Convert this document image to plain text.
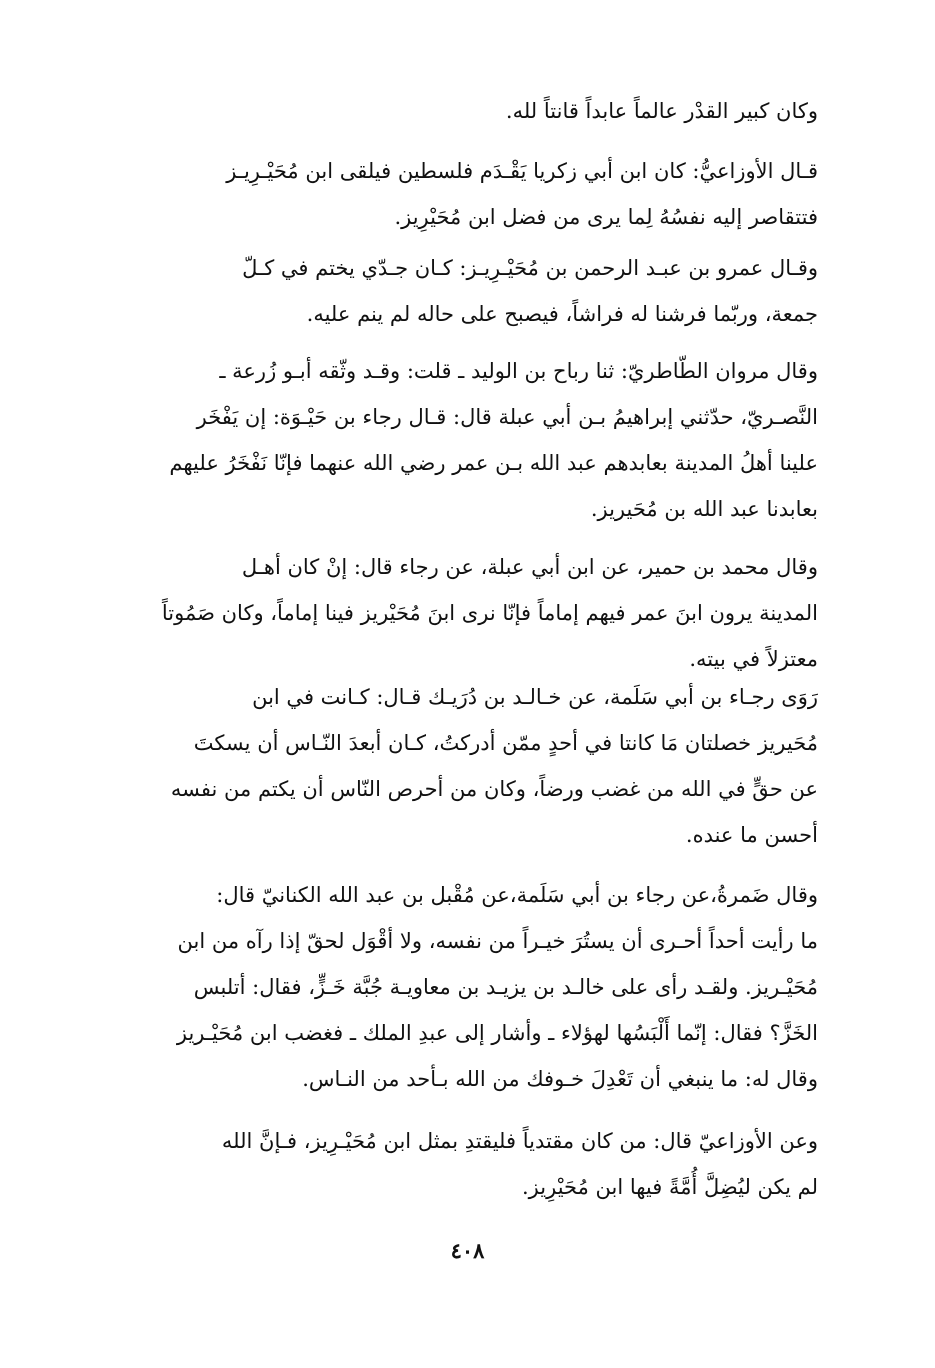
وكان كبير القدْر عالماً عابداً قانتاً لله.
قـال الأوزاعيُّ: كان ابن أبي زكريا يَقْـدَم فلسطين فيلقى ابن مُحَيْـرِيـز
فتتقاصر إليه نفسُهُ لِما يرى من فضل ابن مُحَيْرِيز.
وقـال عمرو بن عبـد الرحمن بن مُحَيْـرِيـز: كـان جـدّي يختم في كـلّ
جمعة، وربّما فرشنا له فراشاً، فيصبح على حاله لم ينم عليه.
وقال مروان الطّاطريّ: ثنا رباح بن الوليد ـ قلت: وقـد وثّقه أبـو زُرعة ـ
النَّصـريّ، حدّثني إبراهيمُ بـن أبي عبلة قال: قـال رجاء بن حَيْـوَة: إن يَفْخَر
علينا أهلُ المدينة بعابدهم عبد الله بـن عمر رضي الله عنهما فإنّا نَفْخَرُ عليهم
بعابدنا عبد الله بن مُحَيريز.
وقال محمد بن حمير، عن ابن أبي عبلة، عن رجاء قال: إنْ كان أهـل
المدينة يرون ابنَ عمر فيهم إماماً فإنّا نرى ابنَ مُحَيْريز فينا إماماً، وكان صَمُوتاً
معتزلاً في بيته.
رَوَى رجـاء بن أبي سَلَمة، عن خـالـد بن دُرَيـك قـال: كـانت في ابن
مُحَيريز خصلتان مَا كانتا في أحدٍ ممّن أدركتُ، كـان أبعدَ النّـاس أن يسكتَ
عن حقٍّ في الله من غضب ورضاً، وكان من أحرص النّاس أن يكتم من نفسه
أحسن ما عنده.
وقال ضَمرةُ،عن رجاء بن أبي سَلَمة،عن مُقْبل بن عبد الله الكنانيّ قال:
ما رأيت أحداً أحـرى أن يستُرَ خيـراً من نفسه، ولا أقْوَل لحقّ إذا رآه من ابن
مُحَيْـريز. ولقـد رأى على خالـد بن يزيـد بن معاويـة جُبَّة خَـزٍّ، فقال: أتلبس
الخَزَّ؟ فقال: إنّما أَلْبَسُها لهؤلاء ـ وأشار إلى عبدِ الملك ـ فغضب ابن مُحَيْـريز
وقال له: ما ينبغي أن تَعْدِلَ خـوفك من الله بـأحد من النـاس.
وعن الأوزاعيّ قال: من كان مقتدياً فليقتدِ بمثل ابن مُحَيْـرِيز، فـإنَّ الله
لم يكن ليُضِلَّ أُمَّةً فيها ابن مُحَيْرِيز.
٤٠٨
